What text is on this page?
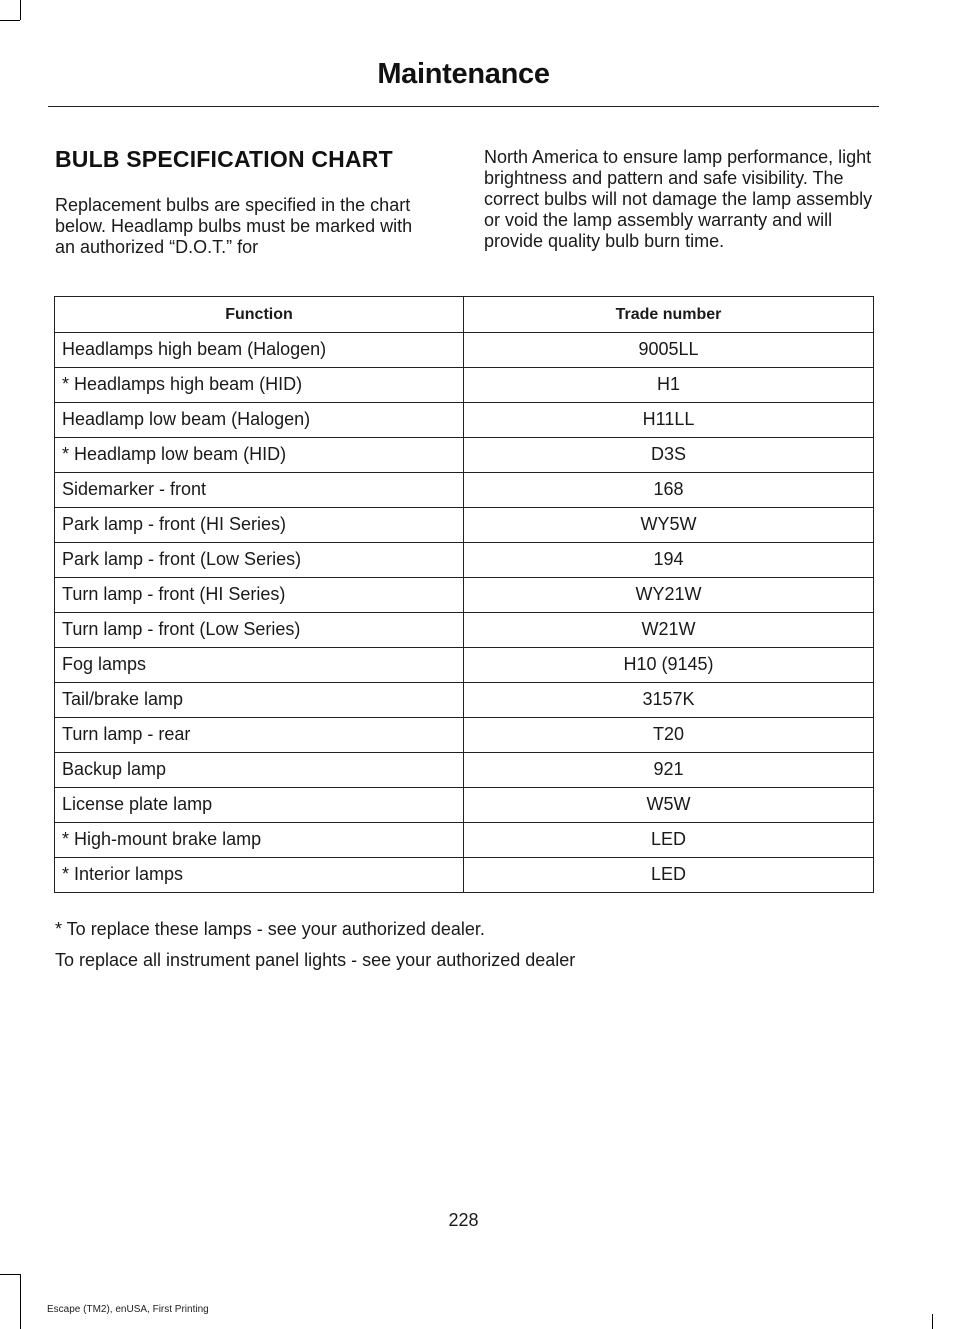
Maintenance
BULB SPECIFICATION CHART
Replacement bulbs are specified in the chart below. Headlamp bulbs must be marked with an authorized “D.O.T.” for
North America to ensure lamp performance, light brightness and pattern and safe visibility. The correct bulbs will not damage the lamp assembly or void the lamp assembly warranty and will provide quality bulb burn time.
Function	Trade number
Headlamps high beam (Halogen)	9005LL
* Headlamps high beam (HID)	H1
Headlamp low beam (Halogen)	H11LL
* Headlamp low beam (HID)	D3S
Sidemarker - front	168
Park lamp - front (HI Series)	WY5W
Park lamp - front (Low Series)	194
Turn lamp - front (HI Series)	WY21W
Turn lamp - front (Low Series)	W21W
Fog lamps	H10 (9145)
Tail/brake lamp	3157K
Turn lamp - rear	T20
Backup lamp	921
License plate lamp	W5W
* High-mount brake lamp	LED
* Interior lamps	LED
* To replace these lamps - see your authorized dealer.
To replace all instrument panel lights - see your authorized dealer
228
Escape (TM2), enUSA, First Printing
